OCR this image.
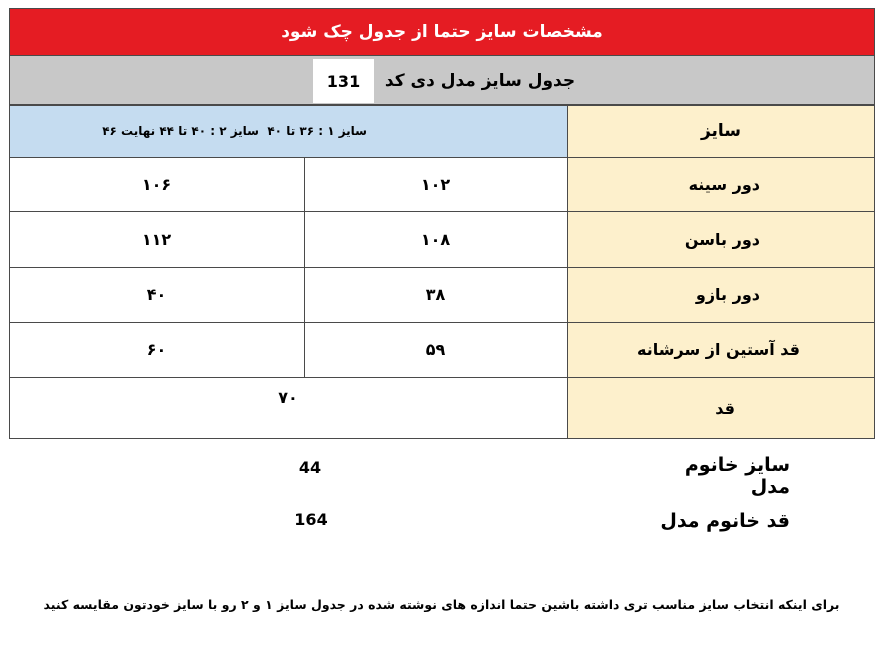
مشخصات سایز حتما از جدول چک شود
جدول سایز مدل دی کد
131
سایز
سایز ۱ : ۳۶ تا ۴۰
سایز ۲ : ۴۰ تا ۴۴ نهایت ۴۶
دور سینه
۱۰۲
۱۰۶
دور باسن
۱۰۸
۱۱۲
دور بازو
۳۸
۴۰
قد آستین از سرشانه
۵۹
۶۰
قد
۷۰
سایز خانوم مدل
44
قد خانوم مدل
164
برای اینکه انتخاب سایز مناسب تری داشته باشین حتما اندازه های نوشته شده در جدول سایز ۱ و ۲ رو با سایز خودتون مقایسه کنید
